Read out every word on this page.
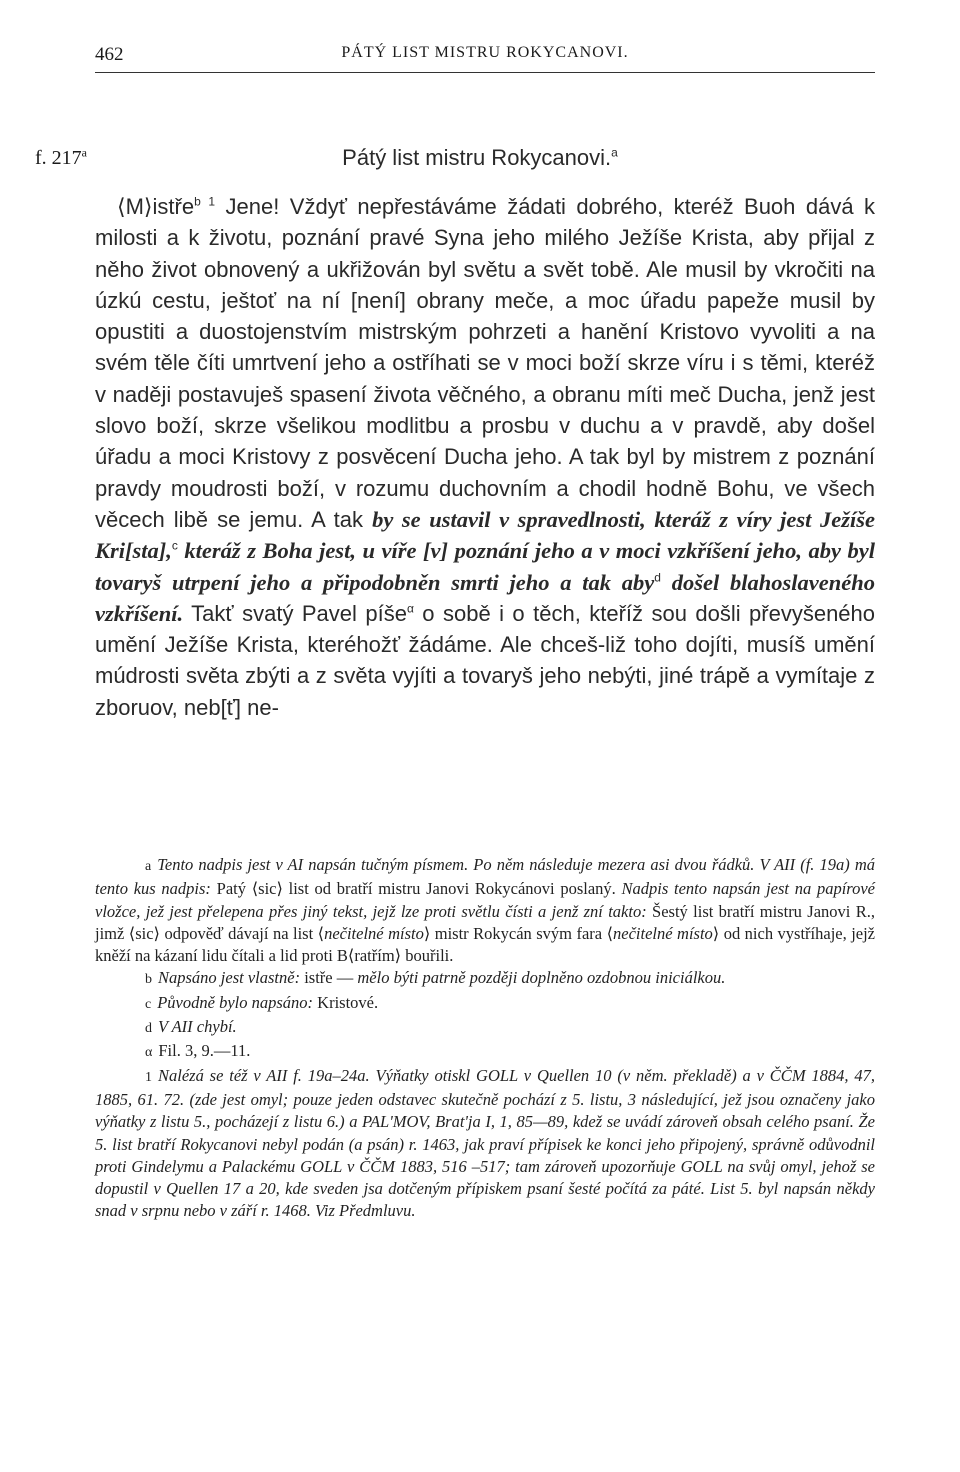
462	PÁTÝ LIST MISTRU ROKYCANOVI.
f. 217$^a$	Pátý list mistru Rokycanovi.$^a$

⟨M⟩istře$^{b 1}$ Jene! Vždyť nepřestáváme žádati dobrého, kteréž Buoh dává k milosti a k životu, poznání pravé Syna jeho milého Ježíše Krista, aby přijal z něho život obnovený a ukřižován byl světu a svět tobě. Ale musil by vkročiti na úzkú cestu, ještoť na ní [není] obrany meče, a moc úřadu papeže musil by opustiti a duostojenstvím mistrským pohrzeti a hanění Kristovo vyvoliti a na svém těle číti umrtvení jeho a ostříhati se v moci boží skrze víru i s těmi, kteréž v naději postavuješ spasení života věčného, a obranu míti meč Ducha, jenž jest slovo boží, skrze všelikou modlitbu a prosbu v duchu a v pravdě, aby došel úřadu a moci Kristovy z posvěcení Ducha jeho. A tak byl by mistrem z poznání pravdy moudrosti boží, v rozumu duchovním a chodil hodně Bohu, ve všech věcech libě se jemu. A tak by se ustavil v spravedlnosti, kteráž z víry jest Ježíše Kri[sta],$^c$ kteráž z Boha jest, u víře [v] poznání jeho a v moci vzkříšení jeho, aby byl tovaryš utrpení jeho a připodobněn smrti jeho a tak aby$^d$ došel blahoslaveného vzkříšení. Takť svatý Pavel píše$^\alpha$ o sobě i o těch, kteříž sou došli převyšeného umění Ježíše Krista, kteréhožť žádáme. Ale chceš-liž toho dojíti, musíš umění múdrosti světa zbýti a z světa vyjíti a tovaryš jeho nebýti, jiné trápě a vymítaje z zboruov, neb[ť] ne-

a Tento nadpis jest v AI napsán tučným písmem. Po něm následuje mezera asi dvou řádků. V AII (f. 19a) má tento kus nadpis: Patý ⟨sic⟩ list od bratří mistru Janovi Rokycánovi poslaný. Nadpis tento napsán jest na papírové vložce, jež jest přelepena přes jiný tekst, jejž lze proti světlu čísti a jenž zní takto: Šestý list bratří mistru Janovi R., jimž ⟨sic⟩ odpověď dávají na list ⟨nečitelné místo⟩ mistr Rokycán svým fara ⟨nečitelné místo⟩ od nich vystříhaje, jejž kněží na kázaní lidu čítali a lid proti B⟨ratřím⟩ bouřili.

b Napsáno jest vlastně: istře — mělo býti patrně později doplněno ozdobnou iniciálkou.

c Původně bylo napsáno: Kristové.

d V AII chybí.

α Fil. 3, 9.—11.

1 Nalézá se též v AII f. 19a–24a. Výňatky otiskl GOLL v Quellen 10 (v něm. překladě) a v ČČM 1884, 47, 1885, 61. 72. (zde jest omyl; pouze jeden odstavec skutečně pochází z 5. listu, 3 následující, jež jsou označeny jako výňatky z listu 5., pocházejí z listu 6.) a PAL'MOV, Brat'ja I, 1, 85—89, kdež se uvádí zároveň obsah celého psaní. Že 5. list bratří Rokycanovi nebyl podán (a psán) r. 1463, jak praví přípisek ke konci jeho připojený, správně odůvodnil proti Gindelymu a Palackému GOLL v ČČM 1883, 516 –517; tam zároveň upozorňuje GOLL na svůj omyl, jehož se dopustil v Quellen 17 a 20, kde sveden jsa dotčeným přípiskem psaní šesté počítá za páté. List 5. byl napsán někdy snad v srpnu nebo v září r. 1468. Viz Předmluvu.
